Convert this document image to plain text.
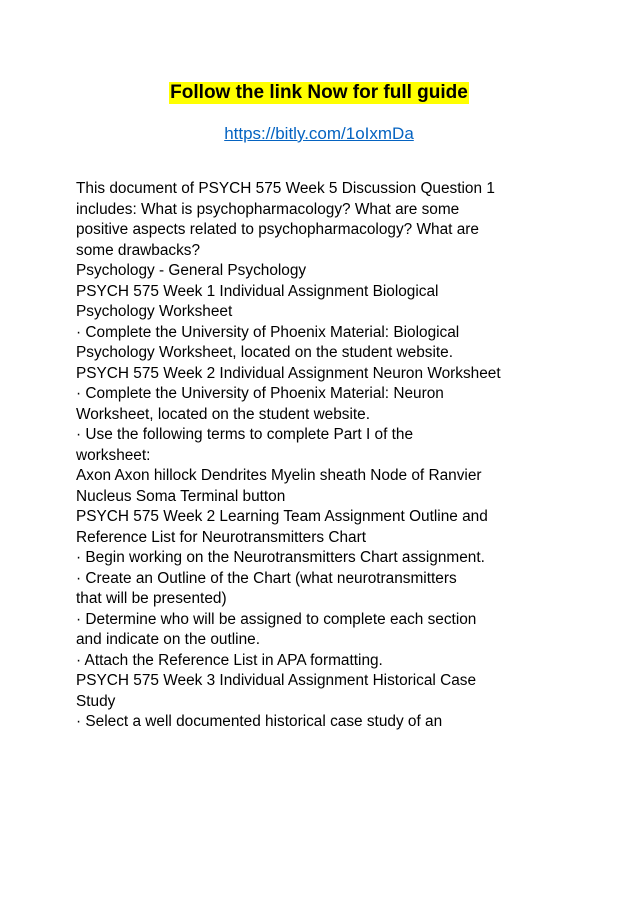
Follow the link Now for full guide
https://bitly.com/1oIxmDa
This document of PSYCH 575 Week 5 Discussion Question 1
includes: What is psychopharmacology? What are some
positive aspects related to psychopharmacology? What are
some drawbacks?
Psychology - General Psychology
PSYCH 575 Week 1 Individual Assignment Biological
Psychology Worksheet
· Complete the University of Phoenix Material: Biological
Psychology Worksheet, located on the student website.
PSYCH 575 Week 2 Individual Assignment Neuron Worksheet
· Complete the University of Phoenix Material: Neuron
Worksheet, located on the student website.
· Use the following terms to complete Part I of the
worksheet:
Axon Axon hillock Dendrites Myelin sheath Node of Ranvier
Nucleus Soma Terminal button
PSYCH 575 Week 2 Learning Team Assignment Outline and
Reference List for Neurotransmitters Chart
· Begin working on the Neurotransmitters Chart assignment.
· Create an Outline of the Chart (what neurotransmitters
that will be presented)
· Determine who will be assigned to complete each section
and indicate on the outline.
· Attach the Reference List in APA formatting.
PSYCH 575 Week 3 Individual Assignment Historical Case
Study
· Select a well documented historical case study of an
